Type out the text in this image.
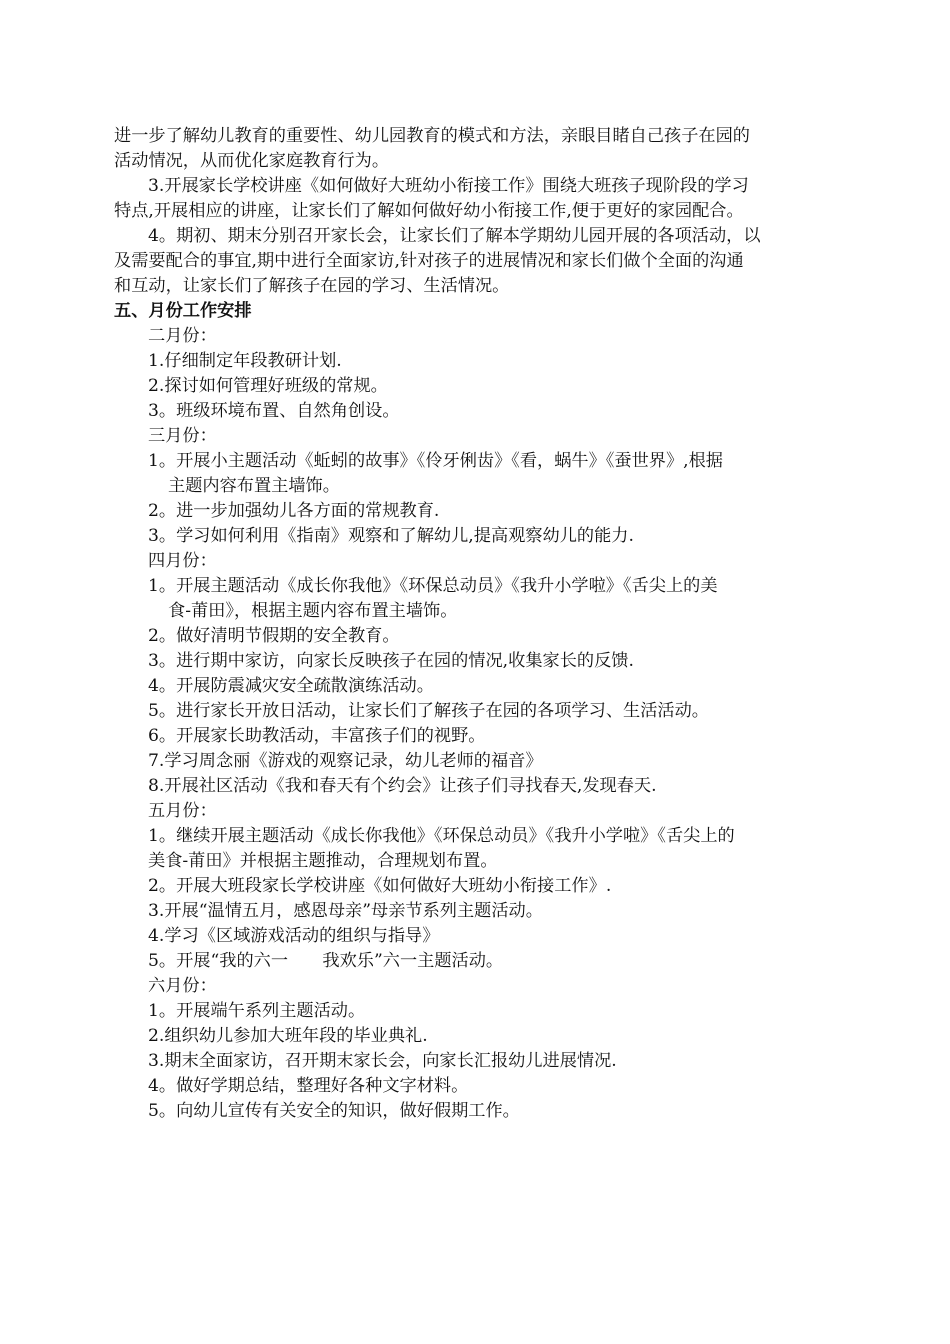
进一步了解幼儿教育的重要性、幼儿园教育的模式和方法，亲眼目睹自己孩子在园的

活动情况，从而优化家庭教育行为。

3.开展家长学校讲座《如何做好大班幼小衔接工作》围绕大班孩子现阶段的学习

特点,开展相应的讲座，让家长们了解如何做好幼小衔接工作,便于更好的家园配合。

4。期初、期末分别召开家长会，让家长们了解本学期幼儿园开展的各项活动，以

及需要配合的事宜,期中进行全面家访,针对孩子的进展情况和家长们做个全面的沟通

和互动，让家长们了解孩子在园的学习、生活情况。

五、月份工作安排

二月份：

1.仔细制定年段教研计划.

2.探讨如何管理好班级的常规。

3。班级环境布置、自然角创设。

三月份：

1。开展小主题活动《蚯蚓的故事》《伶牙俐齿》《看，蜗牛》《蚕世界》,根据

主题内容布置主墙饰。

2。进一步加强幼儿各方面的常规教育.

3。学习如何利用《指南》观察和了解幼儿,提高观察幼儿的能力.

四月份：

1。开展主题活动《成长你我他》《环保总动员》《我升小学啦》《舌尖上的美

食-莆田》，根据主题内容布置主墙饰。

2。做好清明节假期的安全教育。

3。进行期中家访，向家长反映孩子在园的情况,收集家长的反馈.

4。开展防震减灾安全疏散演练活动。

5。进行家长开放日活动，让家长们了解孩子在园的各项学习、生活活动。

6。开展家长助教活动，丰富孩子们的视野。

7.学习周念丽《游戏的观察记录，幼儿老师的福音》

8.开展社区活动《我和春天有个约会》让孩子们寻找春天,发现春天.

五月份：

1。继续开展主题活动《成长你我他》《环保总动员》《我升小学啦》《舌尖上的

美食-莆田》并根据主题推动，合理规划布置。

2。开展大班段家长学校讲座《如何做好大班幼小衔接工作》.

3.开展“温情五月，感恩母亲”母亲节系列主题活动。

4.学习《区域游戏活动的组织与指导》

5。开展“我的六一　　我欢乐”六一主题活动。

六月份：

1。开展端午系列主题活动。

2.组织幼儿参加大班年段的毕业典礼.

3.期末全面家访，召开期末家长会，向家长汇报幼儿进展情况.

4。做好学期总结，整理好各种文字材料。

5。向幼儿宣传有关安全的知识，做好假期工作。
